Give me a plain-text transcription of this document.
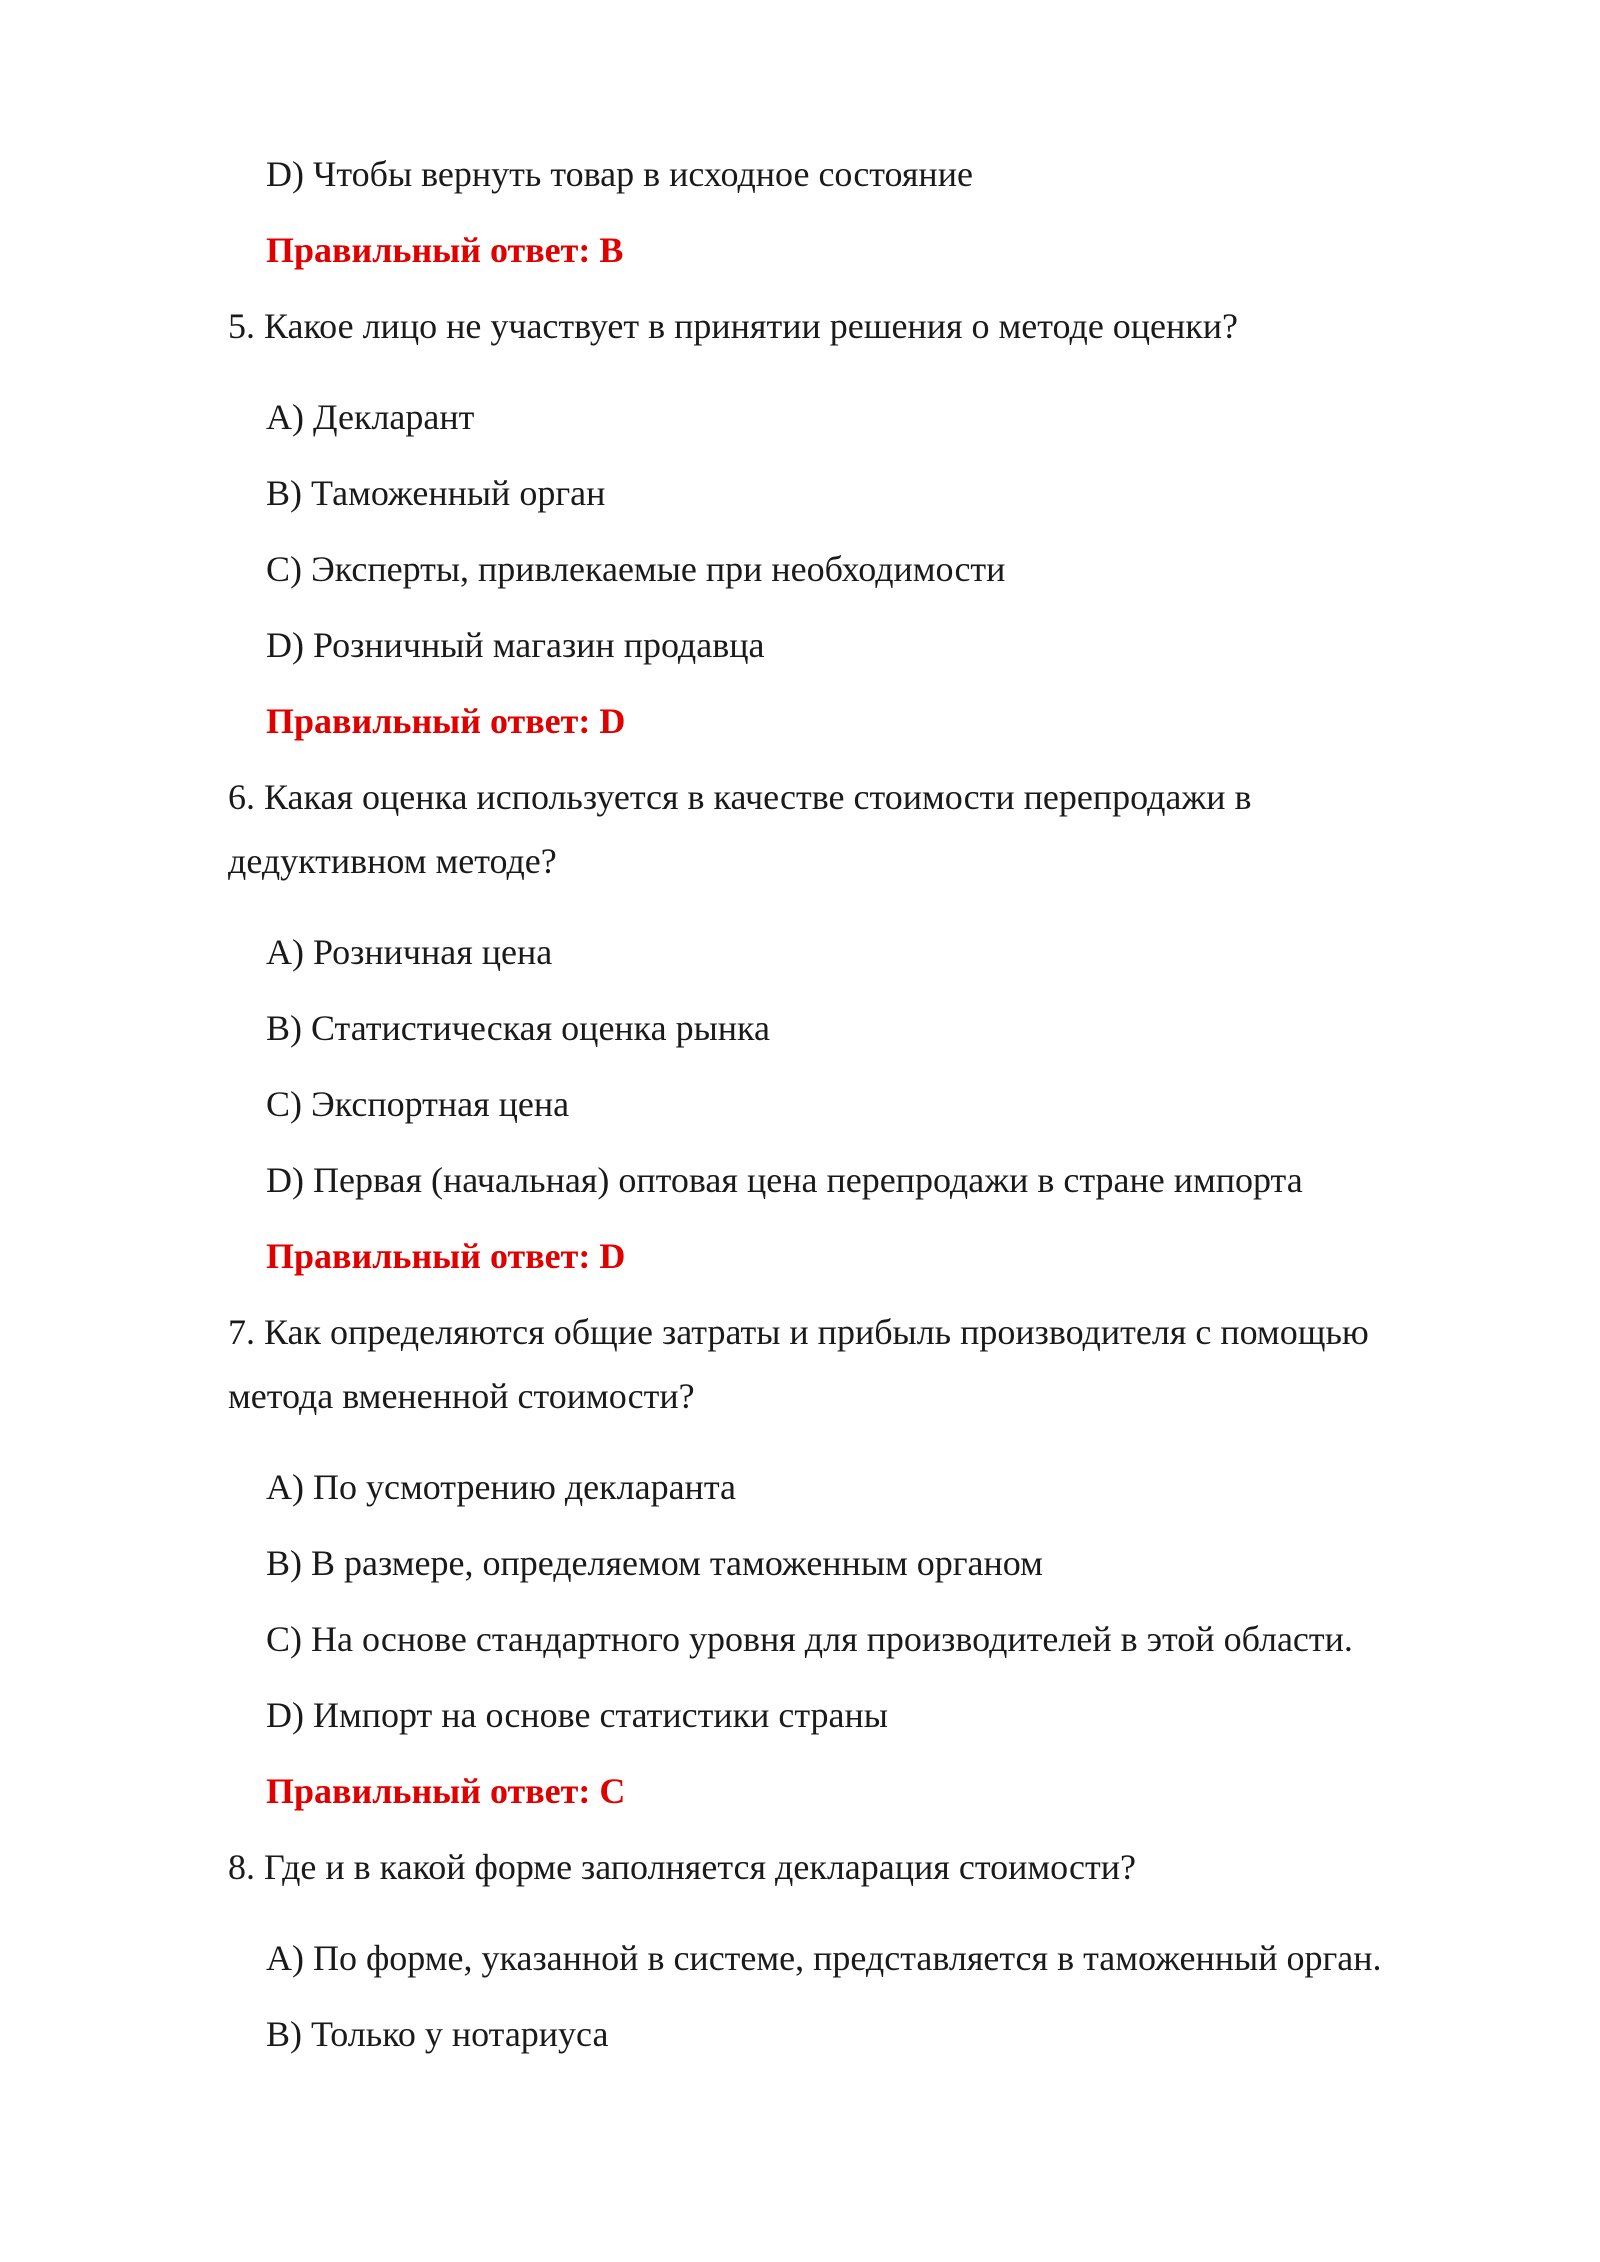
D) Чтобы вернуть товар в исходное состояние
Правильный ответ: B
5. Какое лицо не участвует в принятии решения о методе оценки?
A) Декларант
B) Таможенный орган
C) Эксперты, привлекаемые при необходимости
D) Розничный магазин продавца
Правильный ответ: D
6. Какая оценка используется в качестве стоимости перепродажи в
дедуктивном методе?
A) Розничная цена
B) Статистическая оценка рынка
C) Экспортная цена
D) Первая (начальная) оптовая цена перепродажи в стране импорта
Правильный ответ: D
7. Как определяются общие затраты и прибыль производителя с помощью
метода вмененной стоимости?
A) По усмотрению декларанта
B) В размере, определяемом таможенным органом
C) На основе стандартного уровня для производителей в этой области.
D) Импорт на основе статистики страны
Правильный ответ: C
8. Где и в какой форме заполняется декларация стоимости?
A) По форме, указанной в системе, представляется в таможенный орган.
B) Только у нотариуса
